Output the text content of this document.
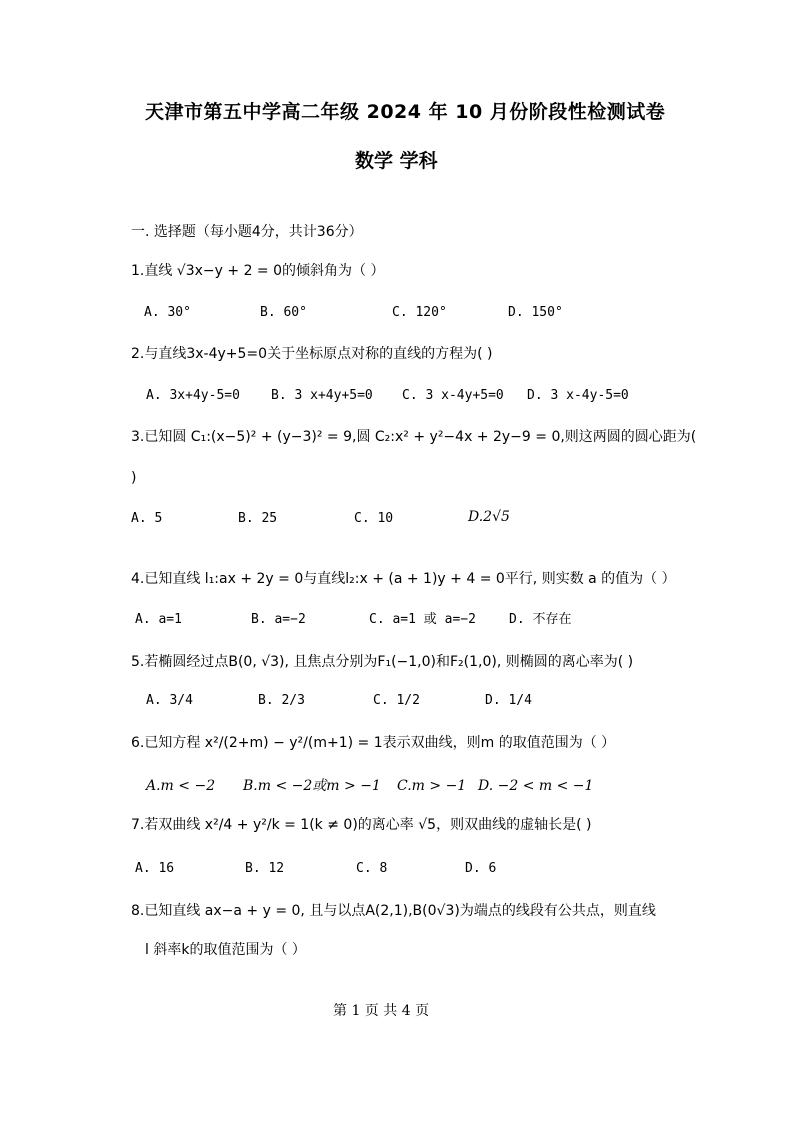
天津市第五中学高二年级 2024 年 10 月份阶段性检测试卷
数学 学科
一. 选择题（每小题4分，共计36分）
1.直线 √3x−y + 2 = 0的倾斜角为（ ）
A. 30°	B. 60°	C. 120°	D. 150°
2.与直线3x-4y+5=0关于坐标原点对称的直线的方程为( )
A. 3x+4y-5=0 B. 3 x+4y+5=0 C. 3 x-4y+5=0 D. 3 x-4y-5=0
3.已知圆 C₁:(x−5)² + (y−3)² = 9,圆 C₂:x² + y²−4x + 2y−9 = 0,则这两圆的圆心距为(
)
A. 5	B. 25	C. 10	D.2√5
4.已知直线 l₁:ax + 2y = 0与直线l₂:x + (a + 1)y + 4 = 0平行, 则实数 a 的值为（ ）
A. a=1	B. a=−2	C. a=1 或 a=−2	D. 不存在
5.若椭圆经过点B(0, √3), 且焦点分别为F₁(−1,0)和F₂(1,0), 则椭圆的离心率为( )
A. 3/4	B. 2/3	C. 1/2	D. 1/4
6.已知方程 x²/(2+m) − y²/(m+1) = 1表示双曲线，则m 的取值范围为（ ）
A.m < −2 B.m < −2或m > −1 C.m > −1 D. −2 < m < −1
7.若双曲线 x²/4 + y²/k = 1(k ≠ 0)的离心率 √5，则双曲线的虚轴长是( )
A. 16	B. 12	C. 8	D. 6
8.已知直线 ax−a + y = 0, 且与以点A(2,1),B(0√3)为端点的线段有公共点，则直线
l 斜率k的取值范围为（ ）
第 1 页 共 4 页
